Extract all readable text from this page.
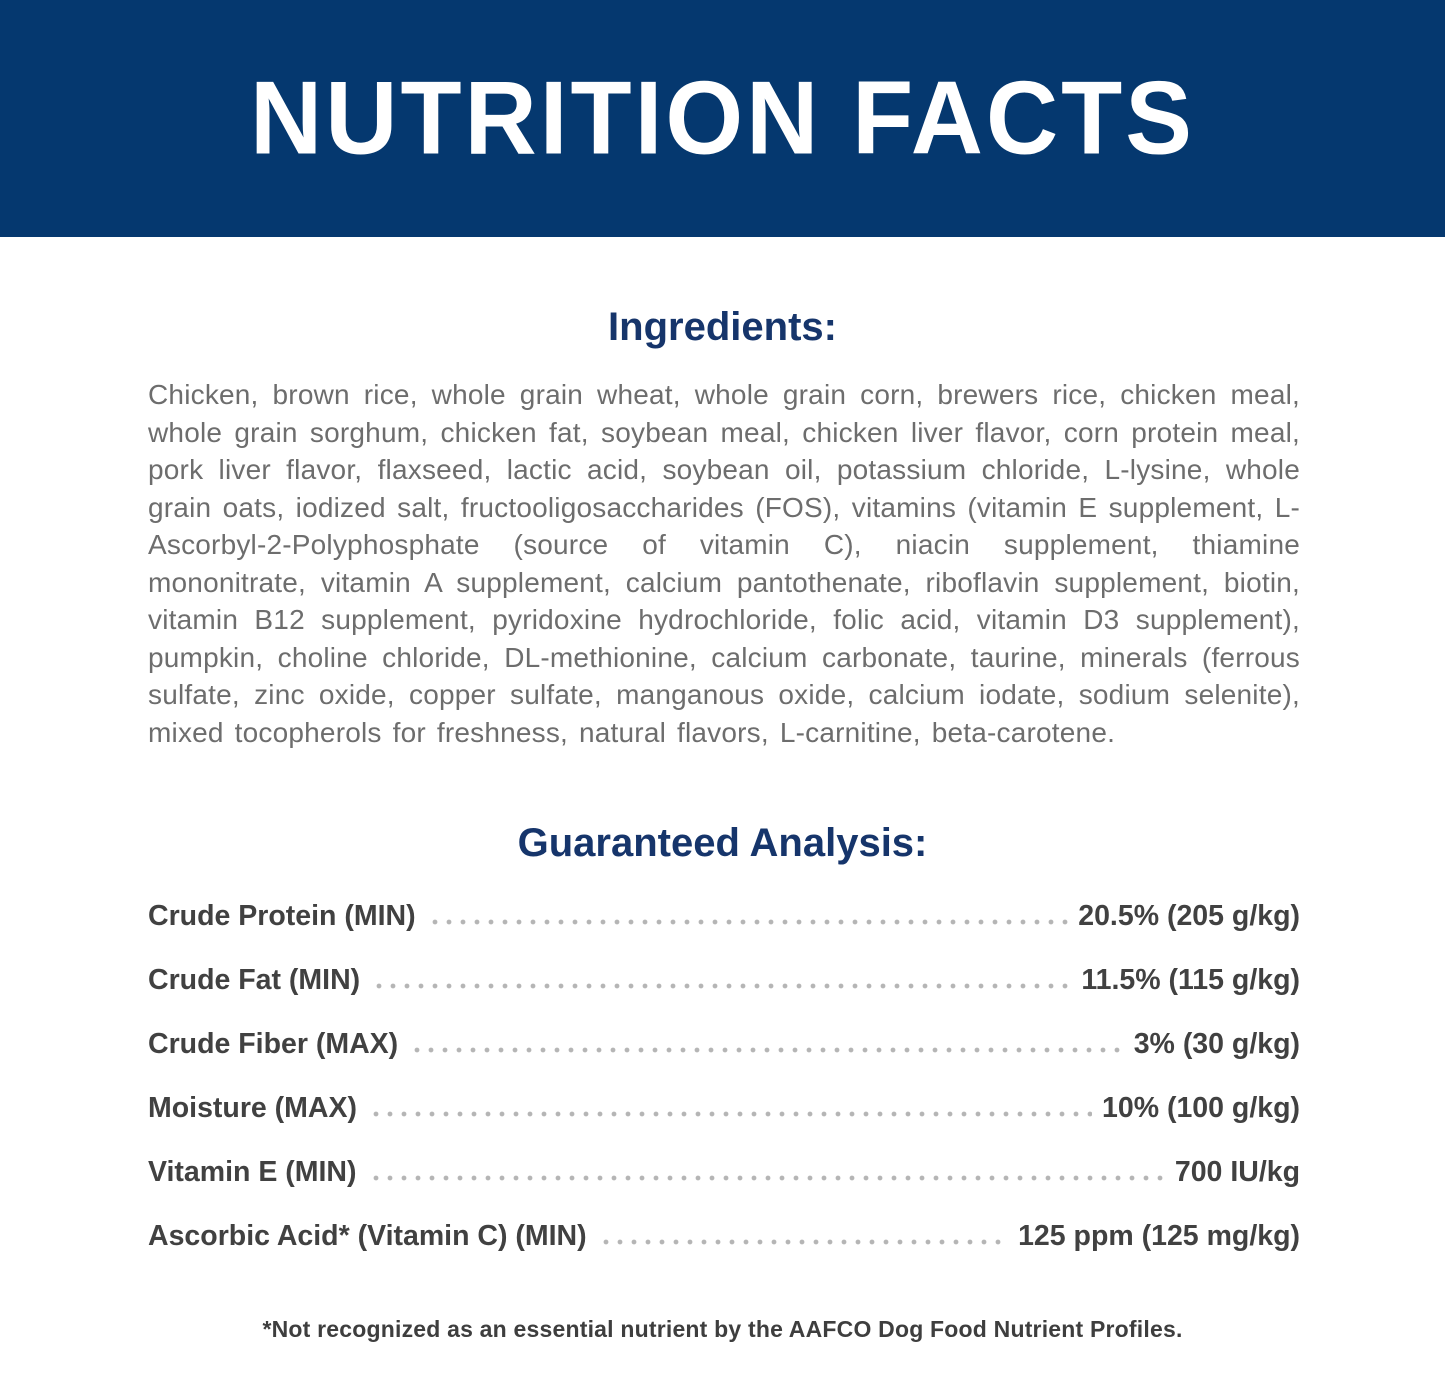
NUTRITION FACTS
Ingredients:

Chicken, brown rice, whole grain wheat, whole grain corn, brewers rice, chicken meal, whole grain sorghum, chicken fat, soybean meal, chicken liver flavor, corn protein meal, pork liver flavor, flaxseed, lactic acid, soybean oil, potassium chloride, L-lysine, whole grain oats, iodized salt, fructooligosaccharides (FOS), vitamins (vitamin E supplement, L-Ascorbyl-2-Polyphosphate (source of vitamin C), niacin supplement, thiamine mononitrate, vitamin A supplement, calcium pantothenate, riboflavin supplement, biotin, vitamin B12 supplement, pyridoxine hydrochloride, folic acid, vitamin D3 supplement), pumpkin, choline chloride, DL-methionine, calcium carbonate, taurine, minerals (ferrous sulfate, zinc oxide, copper sulfate, manganous oxide, calcium iodate, sodium selenite), mixed tocopherols for freshness, natural flavors, L-carnitine, beta-carotene.

Guaranteed Analysis:
Crude Protein (MIN)	20.5% (205 g/kg)
Crude Fat (MIN)	11.5% (115 g/kg)
Crude Fiber (MAX)	3% (30 g/kg)
Moisture (MAX)	10% (100 g/kg)
Vitamin E (MIN)	700 IU/kg
Ascorbic Acid* (Vitamin C) (MIN)	125 ppm (125 mg/kg)

*Not recognized as an essential nutrient by the AAFCO Dog Food Nutrient Profiles.
